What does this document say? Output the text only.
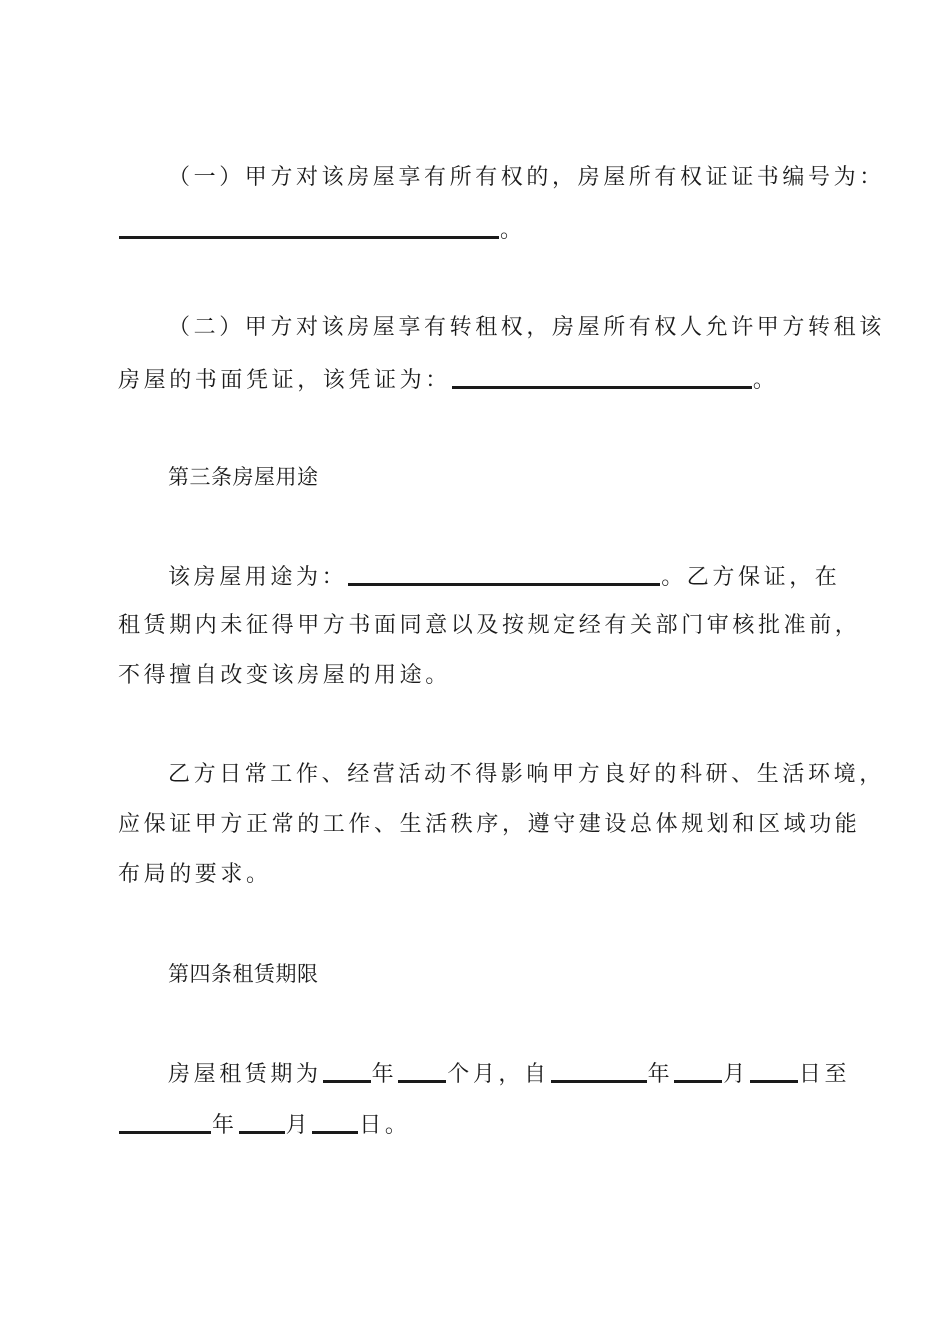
（一）甲方对该房屋享有所有权的，房屋所有权证证书编号为：
。
（二）甲方对该房屋享有转租权，房屋所有权人允许甲方转租该
房屋的书面凭证，该凭证为：	。
第三条房屋用途
该房屋用途为：	。乙方保证，在
租赁期内未征得甲方书面同意以及按规定经有关部门审核批准前，
不得擅自改变该房屋的用途。
乙方日常工作、经营活动不得影响甲方良好的科研、生活环境，
应保证甲方正常的工作、生活秩序，遵守建设总体规划和区域功能
布局的要求。
第四条租赁期限
房屋租赁期为 年 个月，自	年 月 日至
年 月 日。
